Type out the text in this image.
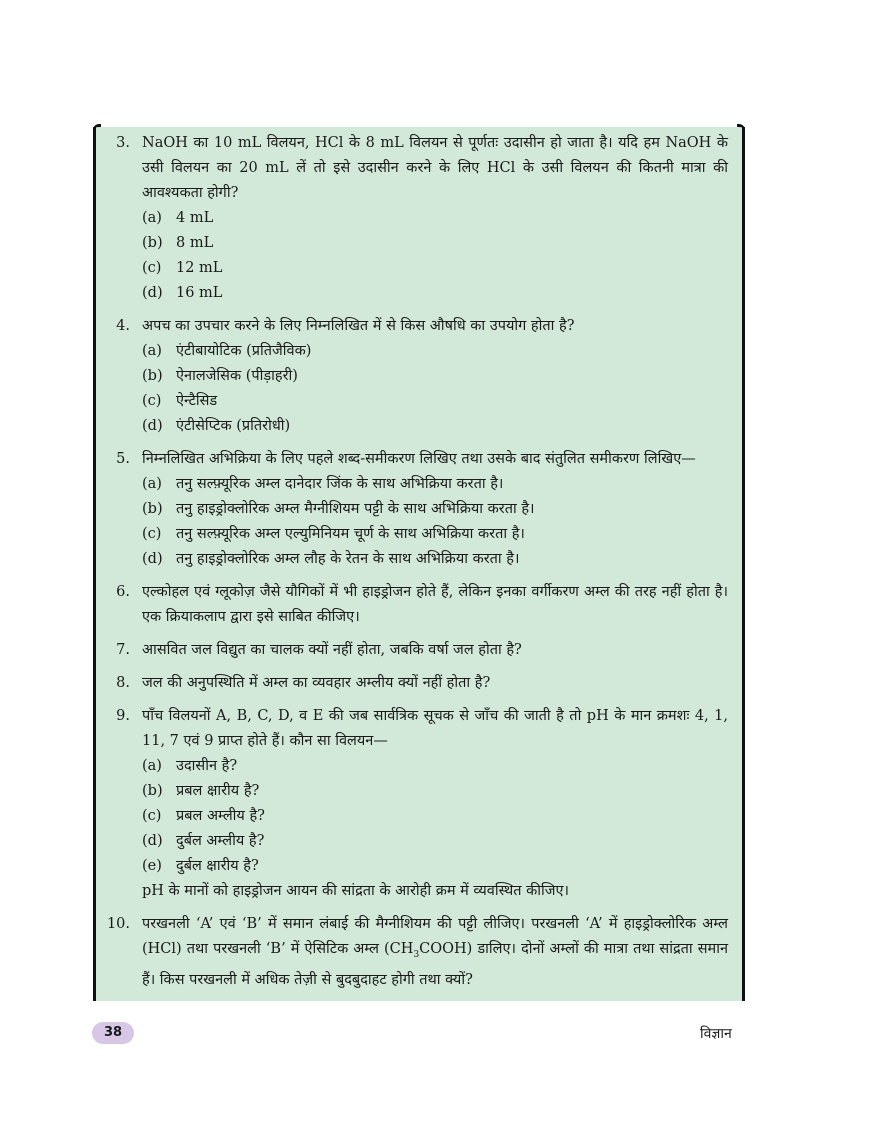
3. NaOH का 10 mL विलयन, HCl के 8 mL विलयन से पूर्णतः उदासीन हो जाता है। यदि हम NaOH के उसी विलयन का 20 mL लें तो इसे उदासीन करने के लिए HCl के उसी विलयन की कितनी मात्रा की आवश्यकता होगी?
(a) 4 mL
(b) 8 mL
(c) 12 mL
(d) 16 mL
4. अपच का उपचार करने के लिए निम्नलिखित में से किस औषधि का उपयोग होता है?
(a) एंटीबायोटिक (प्रतिजैविक)
(b) ऐनालजेसिक (पीड़ाहरी)
(c) ऐन्टैसिड
(d) एंटीसेप्टिक (प्रतिरोधी)
5. निम्नलिखित अभिक्रिया के लिए पहले शब्द-समीकरण लिखिए तथा उसके बाद संतुलित समीकरण लिखिए—
(a) तनु सल्फ़्यूरिक अम्ल दानेदार जिंक के साथ अभिक्रिया करता है।
(b) तनु हाइड्रोक्लोरिक अम्ल मैग्नीशियम पट्टी के साथ अभिक्रिया करता है।
(c) तनु सल्फ़्यूरिक अम्ल एल्युमिनियम चूर्ण के साथ अभिक्रिया करता है।
(d) तनु हाइड्रोक्लोरिक अम्ल लौह के रेतन के साथ अभिक्रिया करता है।
6. एल्कोहल एवं ग्लूकोज़ जैसे यौगिकों में भी हाइड्रोजन होते हैं, लेकिन इनका वर्गीकरण अम्ल की तरह नहीं होता है। एक क्रियाकलाप द्वारा इसे साबित कीजिए।
7. आसवित जल विद्युत का चालक क्यों नहीं होता, जबकि वर्षा जल होता है?
8. जल की अनुपस्थिति में अम्ल का व्यवहार अम्लीय क्यों नहीं होता है?
9. पाँच विलयनों A, B, C, D, व E की जब सार्वत्रिक सूचक से जाँच की जाती है तो pH के मान क्रमशः 4, 1, 11, 7 एवं 9 प्राप्त होते हैं। कौन सा विलयन—
(a) उदासीन है?
(b) प्रबल क्षारीय है?
(c) प्रबल अम्लीय है?
(d) दुर्बल अम्लीय है?
(e) दुर्बल क्षारीय है?
pH के मानों को हाइड्रोजन आयन की सांद्रता के आरोही क्रम में व्यवस्थित कीजिए।
10. परखनली ‘A’ एवं ‘B’ में समान लंबाई की मैग्नीशियम की पट्टी लीजिए। परखनली ‘A’ में हाइड्रोक्लोरिक अम्ल (HCl) तथा परखनली ‘B’ में ऐसिटिक अम्ल $(CH_3COOH)$ डालिए। दोनों अम्लों की मात्रा तथा सांद्रता समान हैं। किस परखनली में अधिक तेज़ी से बुदबुदाहट होगी तथा क्यों?
38	विज्ञान
